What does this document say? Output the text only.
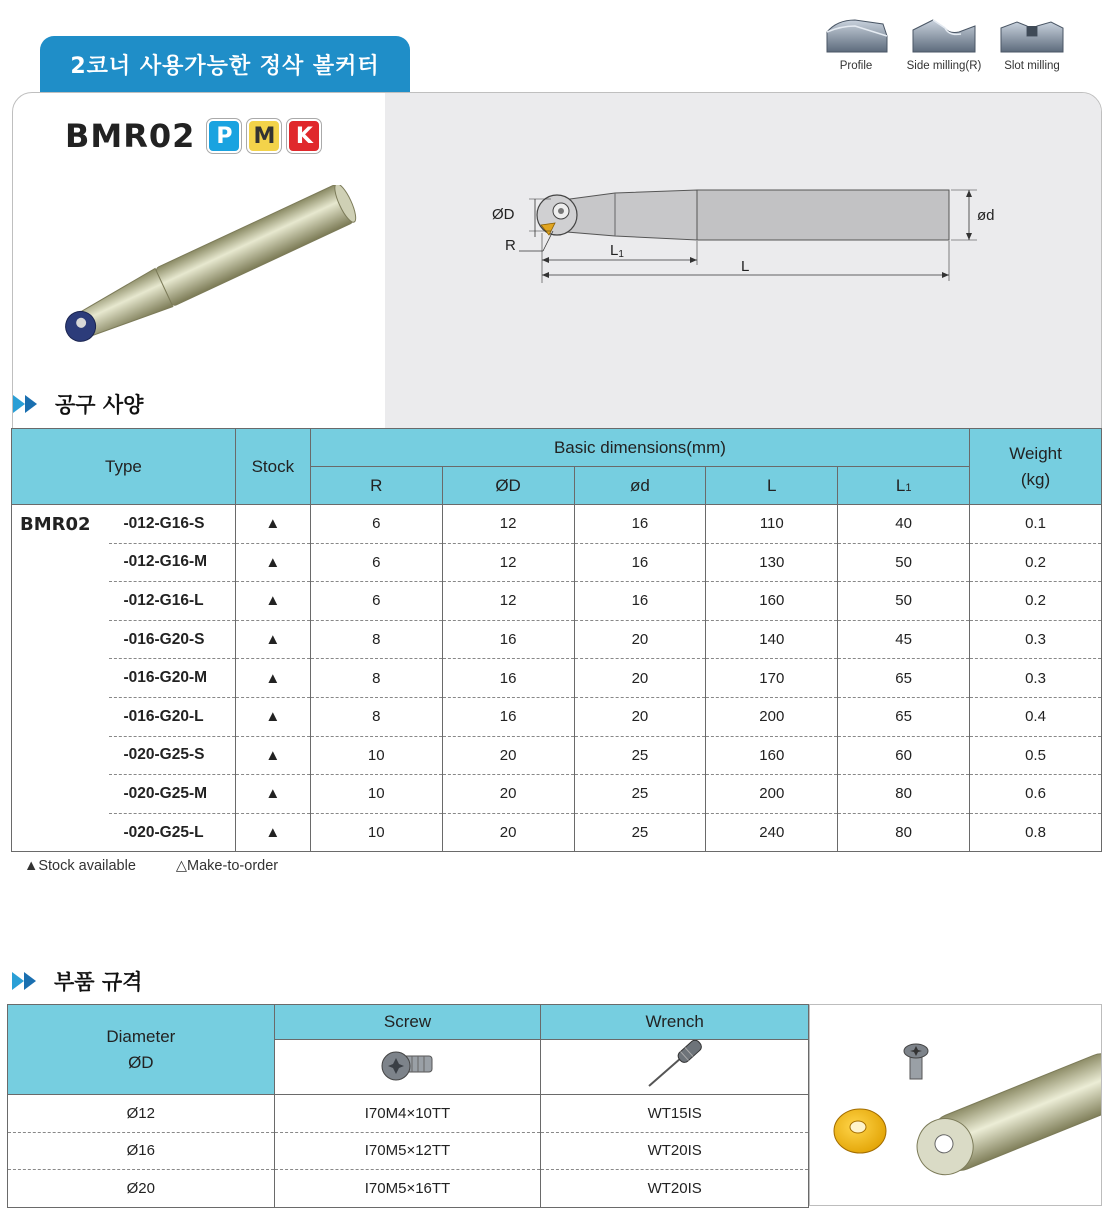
2코너 사용가능한 정삭 볼커터	Profile	Side milling(R)	Slot milling
ØD
R	L1
L
ød
BMR02 P M K
공구 사양
Type		Stock	Basic dimensions(mm)					Weight
(kg)
			R	ØD	ød	L	L1	
BMR02	-012-G16-S	▲	6	12	16	110	40	0.1
	-012-G16-M	▲	6	12	16	130	50	0.2
	-012-G16-L	▲	6	12	16	160	50	0.2
	-016-G20-S	▲	8	16	20	140	45	0.3
	-016-G20-M	▲	8	16	20	170	65	0.3
	-016-G20-L	▲	8	16	20	200	65	0.4
	-020-G25-S	▲	10	20	25	160	60	0.5
	-020-G25-M	▲	10	20	25	200	80	0.6
	-020-G25-L	▲	10	20	25	240	80	0.8
▲Stock available	△Make-to-order
부품 규격
Diameter
ØD	Screw	Wrench

Ø12	I70M4×10TT	WT15IS
Ø16	I70M5×12TT	WT20IS
Ø20	I70M5×16TT	WT20IS
